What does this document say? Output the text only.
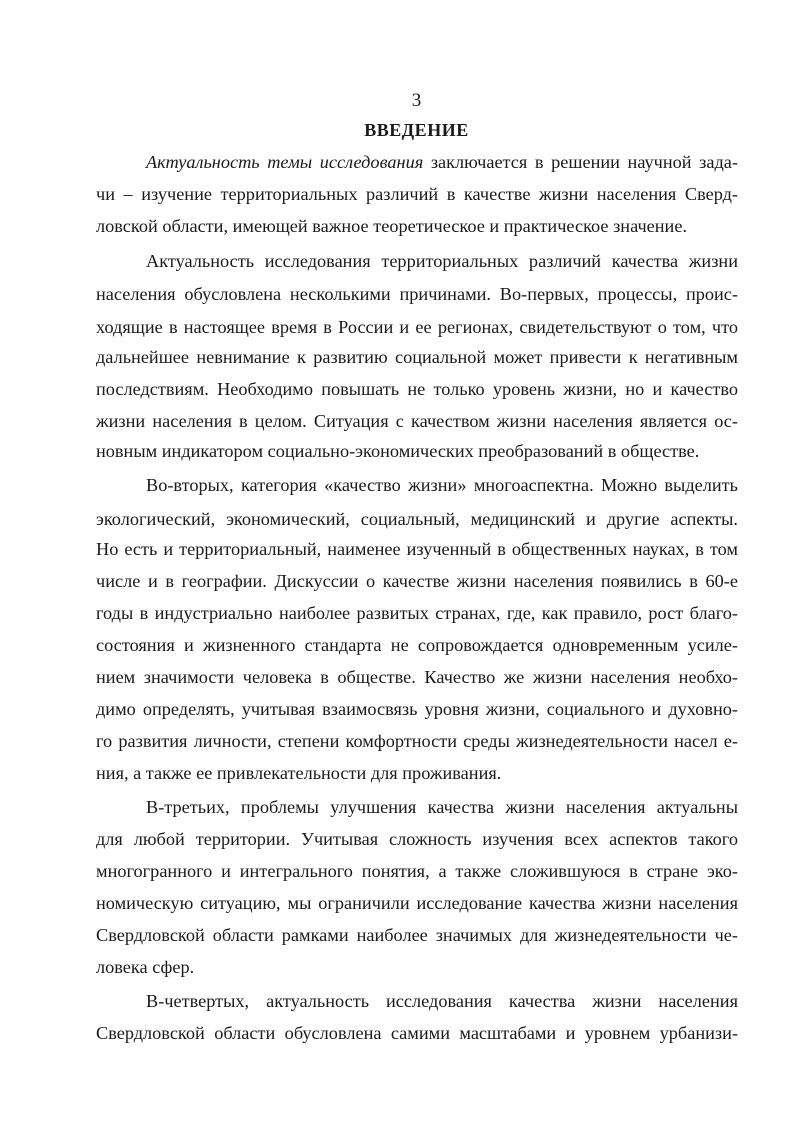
3
ВВЕДЕНИЕ
Актуальность темы исследования заключается в решении научной зада-
чи – изучение территориальных различий в качестве жизни населения Сверд-
ловской области, имеющей важное теоретическое и практическое значение.
Актуальность исследования территориальных различий качества жизни
населения обусловлена несколькими причинами. Во-первых, процессы, проис-
ходящие в настоящее время в России и ее регионах, свидетельствуют о том, что
дальнейшее невнимание к развитию социальной может привести к негативным
последствиям. Необходимо повышать не только уровень жизни, но и качество
жизни населения в целом. Ситуация с качеством жизни населения является ос-
новным индикатором социально-экономических преобразований в обществе.
Во-вторых, категория «качество жизни» многоаспектна. Можно выделить
экологический, экономический, социальный, медицинский и другие аспекты.
Но есть и территориальный, наименее изученный в общественных науках, в том
числе и в географии. Дискуссии о качестве жизни населения появились в 60-е
годы в индустриально наиболее развитых странах, где, как правило, рост благо-
состояния и жизненного стандарта не сопровождается одновременным усиле-
нием значимости человека в обществе. Качество же жизни населения необхо-
димо определять, учитывая взаимосвязь уровня жизни, социального и духовно-
го развития личности, степени комфортности среды жизнедеятельности насел е-
ния, а также ее привлекательности для проживания.
В-третьих, проблемы улучшения качества жизни населения актуальны
для любой территории. Учитывая сложность изучения всех аспектов такого
многогранного и интегрального понятия, а также сложившуюся в стране эко-
номическую ситуацию, мы ограничили исследование качества жизни населения
Свердловской области рамками наиболее значимых для жизнедеятельности че-
ловека сфер.
В-четвертых, актуальность исследования качества жизни населения
Свердловской области обусловлена самими масштабами и уровнем урбанизи-
